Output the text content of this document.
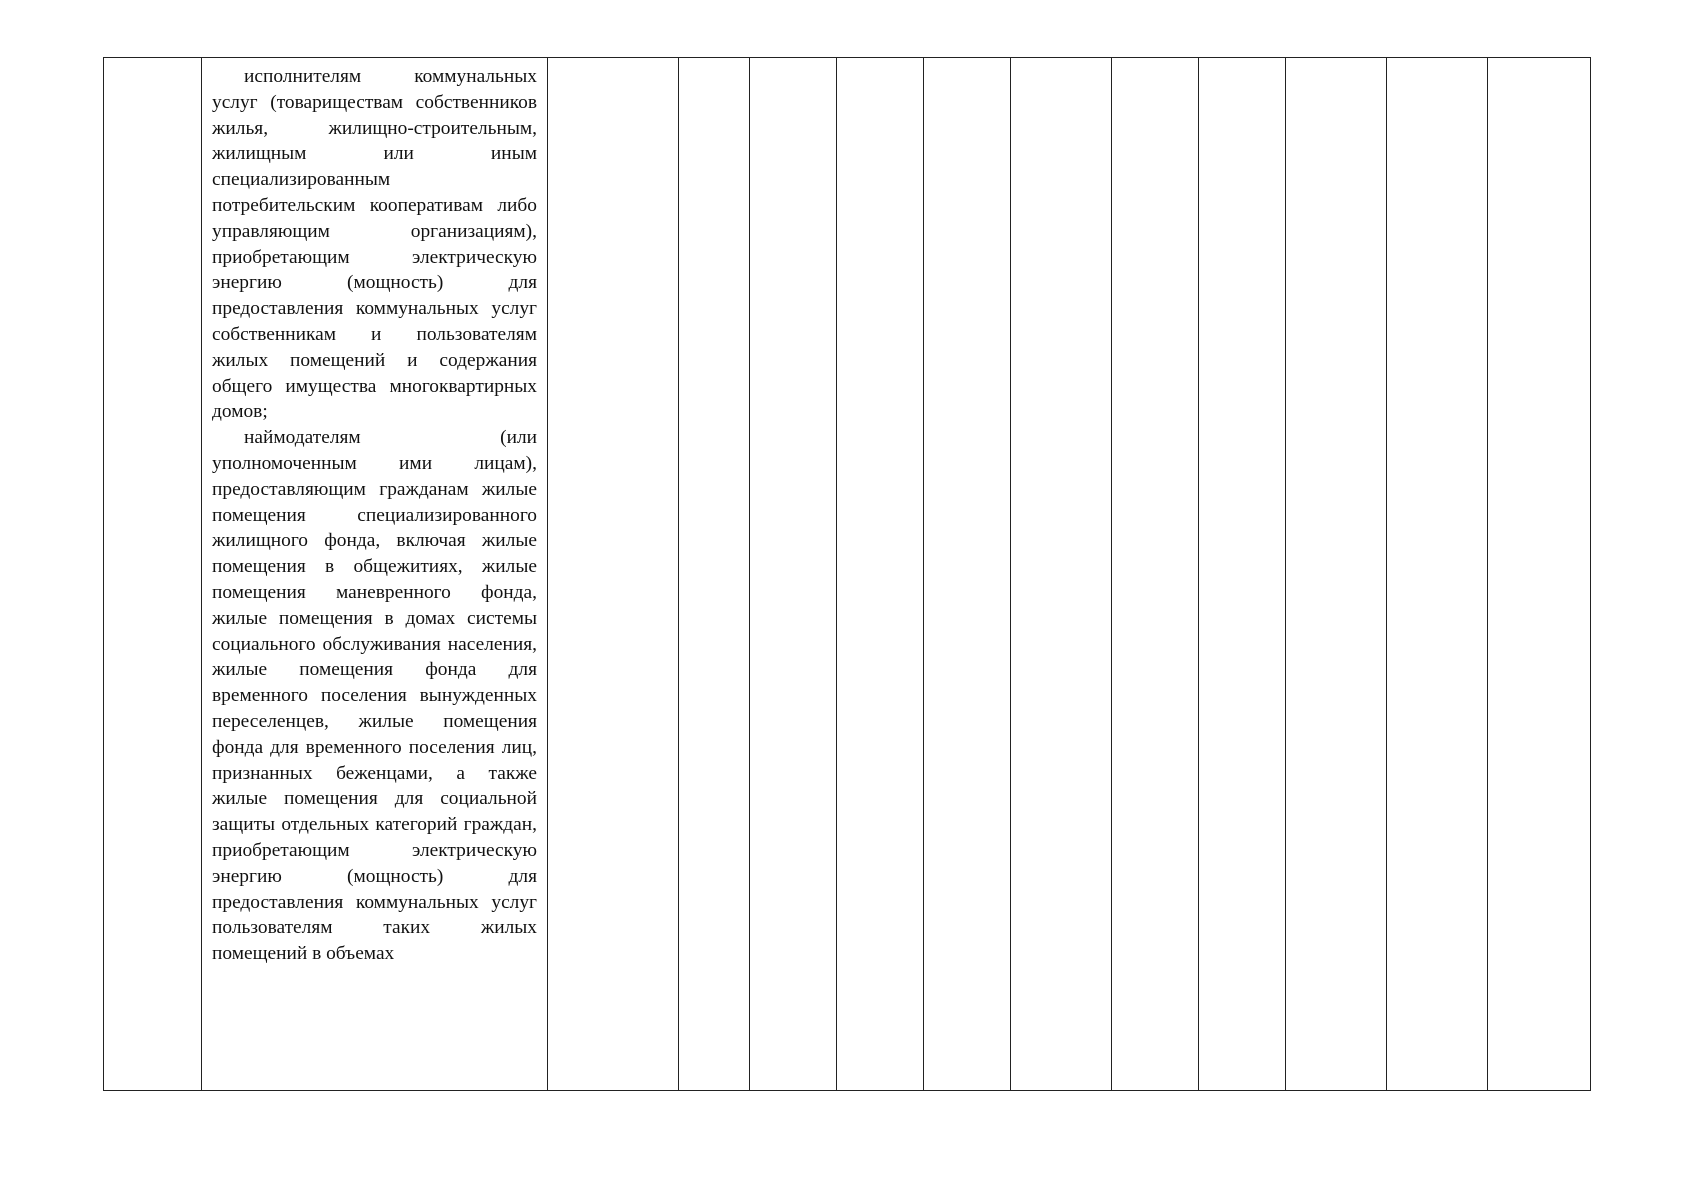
исполнителям коммунальных услуг (товариществам собственников жилья, жилищно-строительным, жилищным или иным специализированным потребительским кооперативам либо управляющим организациям), приобретающим электрическую энергию (мощность) для предоставления коммунальных услуг собственникам и пользователям жилых помещений и содержания общего имущества многоквартирных домов;

наймодателям (или уполномоченным ими лицам), предоставляющим гражданам жилые помещения специализированного жилищного фонда, включая жилые помещения в общежитиях, жилые помещения маневренного фонда, жилые помещения в домах системы социального обслуживания населения, жилые помещения фонда для временного поселения вынужденных переселенцев, жилые помещения фонда для временного поселения лиц, признанных беженцами, а также жилые помещения для социальной защиты отдельных категорий граждан, приобретающим электрическую энергию (мощность) для предоставления коммунальных услуг пользователям таких жилых помещений в объемах
